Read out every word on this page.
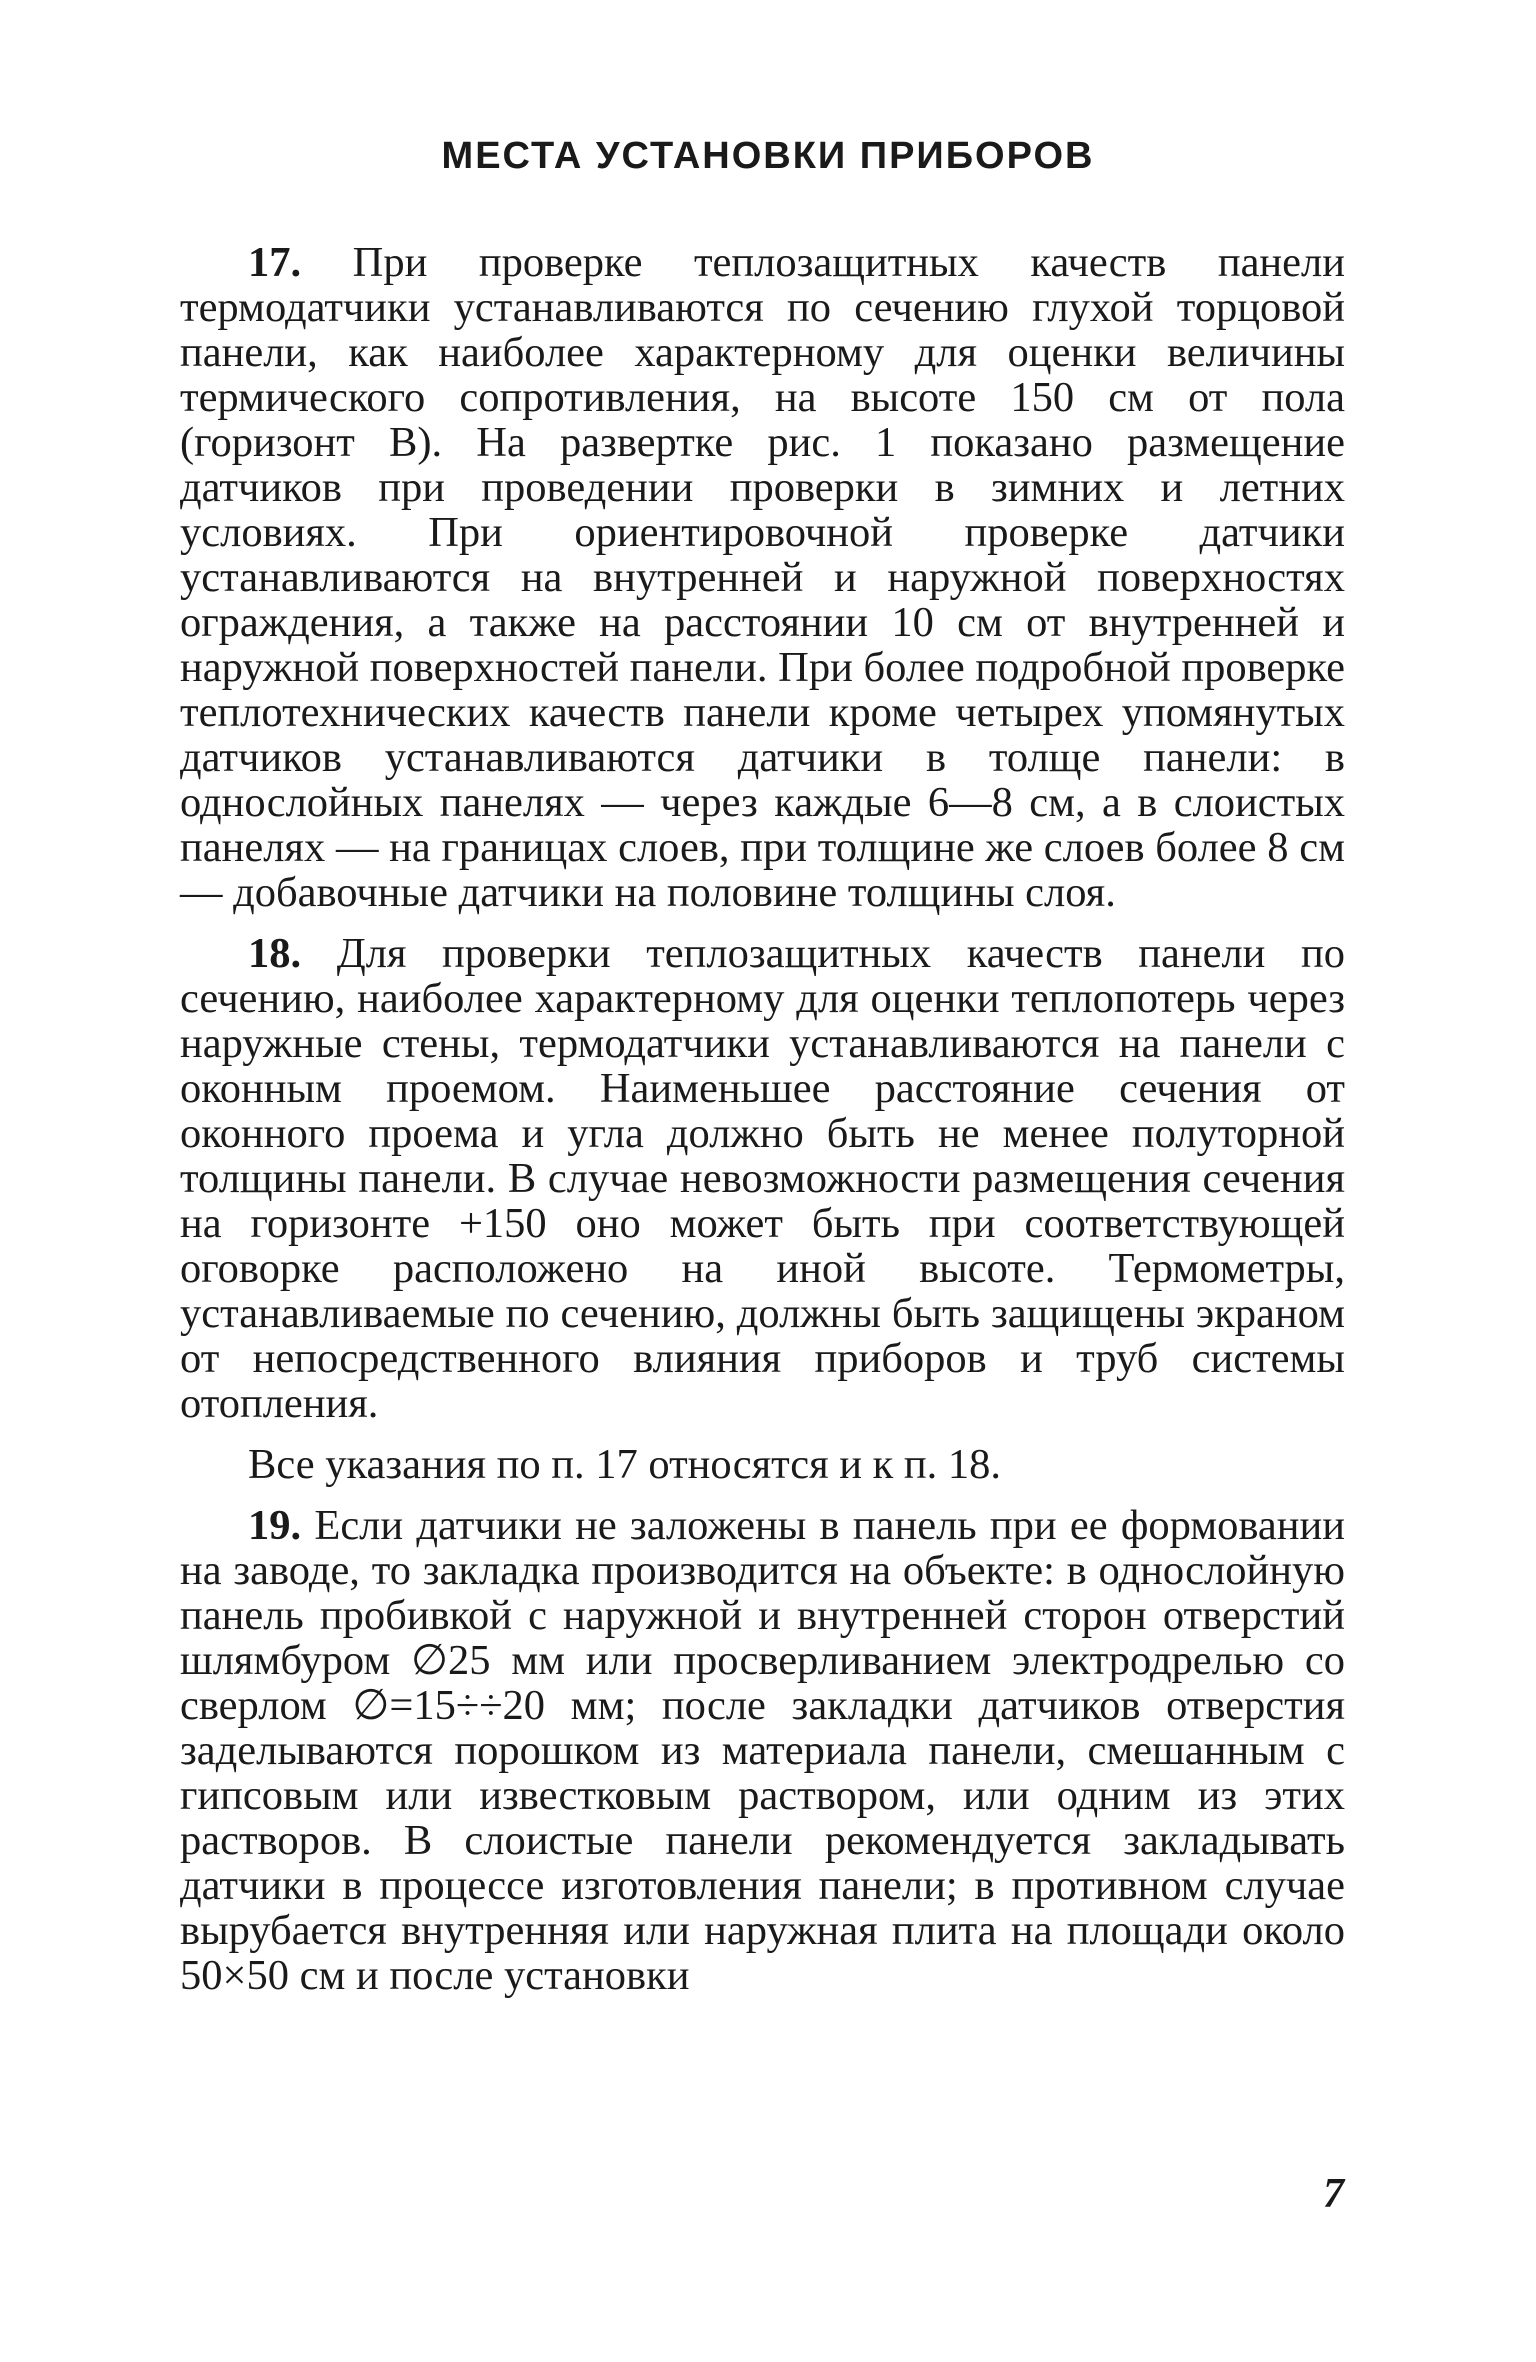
МЕСТА УСТАНОВКИ ПРИБОРОВ

17. При проверке теплозащитных качеств панели термодатчики устанавливаются по сечению глухой торцовой панели, как наиболее характерному для оценки величины термического сопротивления, на высоте 150 см от пола (горизонт В). На развертке рис. 1 показано размещение датчиков при проведении проверки в зимних и летних условиях. При ориентировочной проверке датчики устанавливаются на внутренней и наружной поверхностях ограждения, а также на расстоянии 10 см от внутренней и наружной поверхностей панели. При более подробной проверке теплотехнических качеств панели кроме четырех упомянутых датчиков устанавливаются датчики в толще панели: в однослойных панелях — через каждые 6—8 см, а в слоистых панелях — на границах слоев, при толщине же слоев более 8 см — добавочные датчики на половине толщины слоя.

18. Для проверки теплозащитных качеств панели по сечению, наиболее характерному для оценки теплопотерь через наружные стены, термодатчики устанавливаются на панели с оконным проемом. Наименьшее расстояние сечения от оконного проема и угла должно быть не менее полуторной толщины панели. В случае невозможности размещения сечения на горизонте +150 оно может быть при соответствующей оговорке расположено на иной высоте. Термометры, устанавливаемые по сечению, должны быть защищены экраном от непосредственного влияния приборов и труб системы отопления.

Все указания по п. 17 относятся и к п. 18.

19. Если датчики не заложены в панель при ее формовании на заводе, то закладка производится на объекте: в однослойную панель пробивкой с наружной и внутренней сторон отверстий шлямбуром ∅25 мм или просверливанием электродрелью со сверлом ∅=15÷÷20 мм; после закладки датчиков отверстия заделываются порошком из материала панели, смешанным с гипсовым или известковым раствором, или одним из этих растворов. В слоистые панели рекомендуется закладывать датчики в процессе изготовления панели; в противном случае вырубается внутренняя или наружная плита на площади около 50×50 см и после установки

7
